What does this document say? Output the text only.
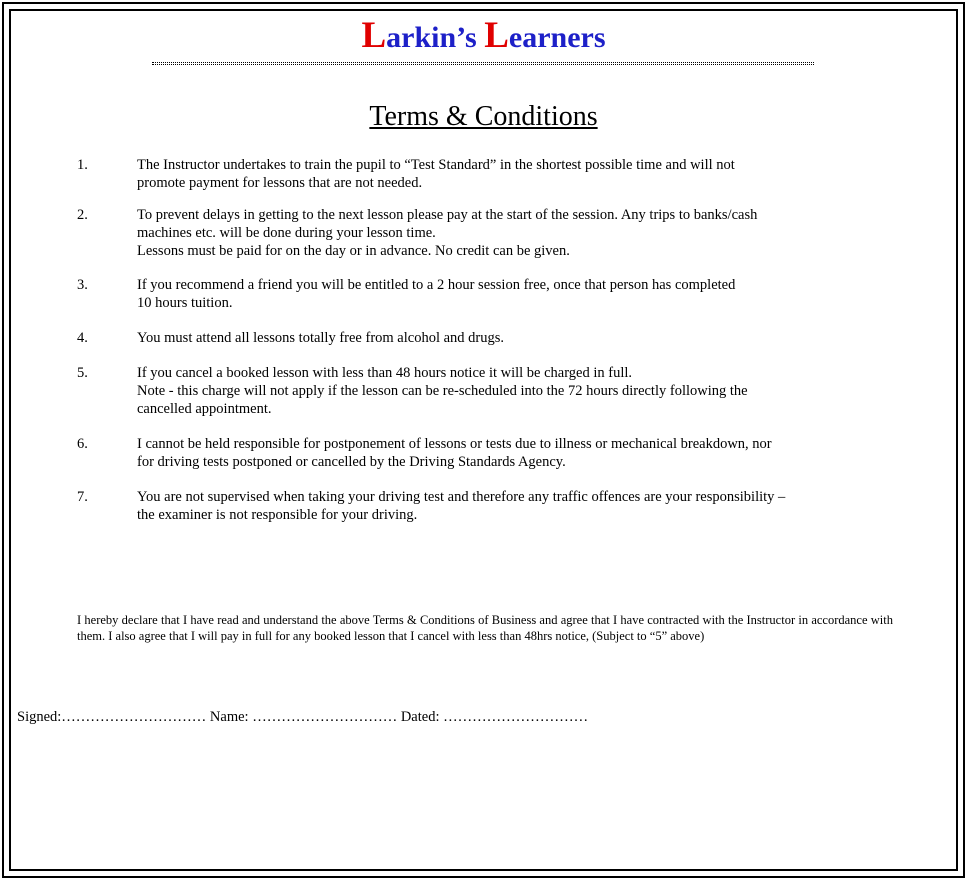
Larkin’s Learners
Terms & Conditions
1.	The Instructor undertakes to train the pupil to “Test Standard” in the shortest possible time and will not
promote payment for lessons that are not needed.
2.	To prevent delays in getting to the next lesson please pay at the start of the session. Any trips to banks/cash
machines etc. will be done during your lesson time.
Lessons must be paid for on the day or in advance. No credit can be given.
3.	If you recommend a friend you will be entitled to a 2 hour session free, once that person has completed
10 hours tuition.
4.	You must attend all lessons totally free from alcohol and drugs.
5.	If you cancel a booked lesson with less than 48 hours notice it will be charged in full.
Note - this charge will not apply if the lesson can be re-scheduled into the 72 hours directly following the
cancelled appointment.
6.	I cannot be held responsible for postponement of lessons or tests due to illness or mechanical breakdown, nor
for driving tests postponed or cancelled by the Driving Standards Agency.
7.	You are not supervised when taking your driving test and therefore any traffic offences are your responsibility –
the examiner is not responsible for your driving.
I hereby declare that I have read and understand the above Terms & Conditions of Business and agree that I have contracted with the Instructor in accordance with them. I also agree that I will pay in full for any booked lesson that I cancel with less than 48hrs notice, (Subject to “5” above)
Signed:………………………… Name: ………………………… Dated: …………………………
